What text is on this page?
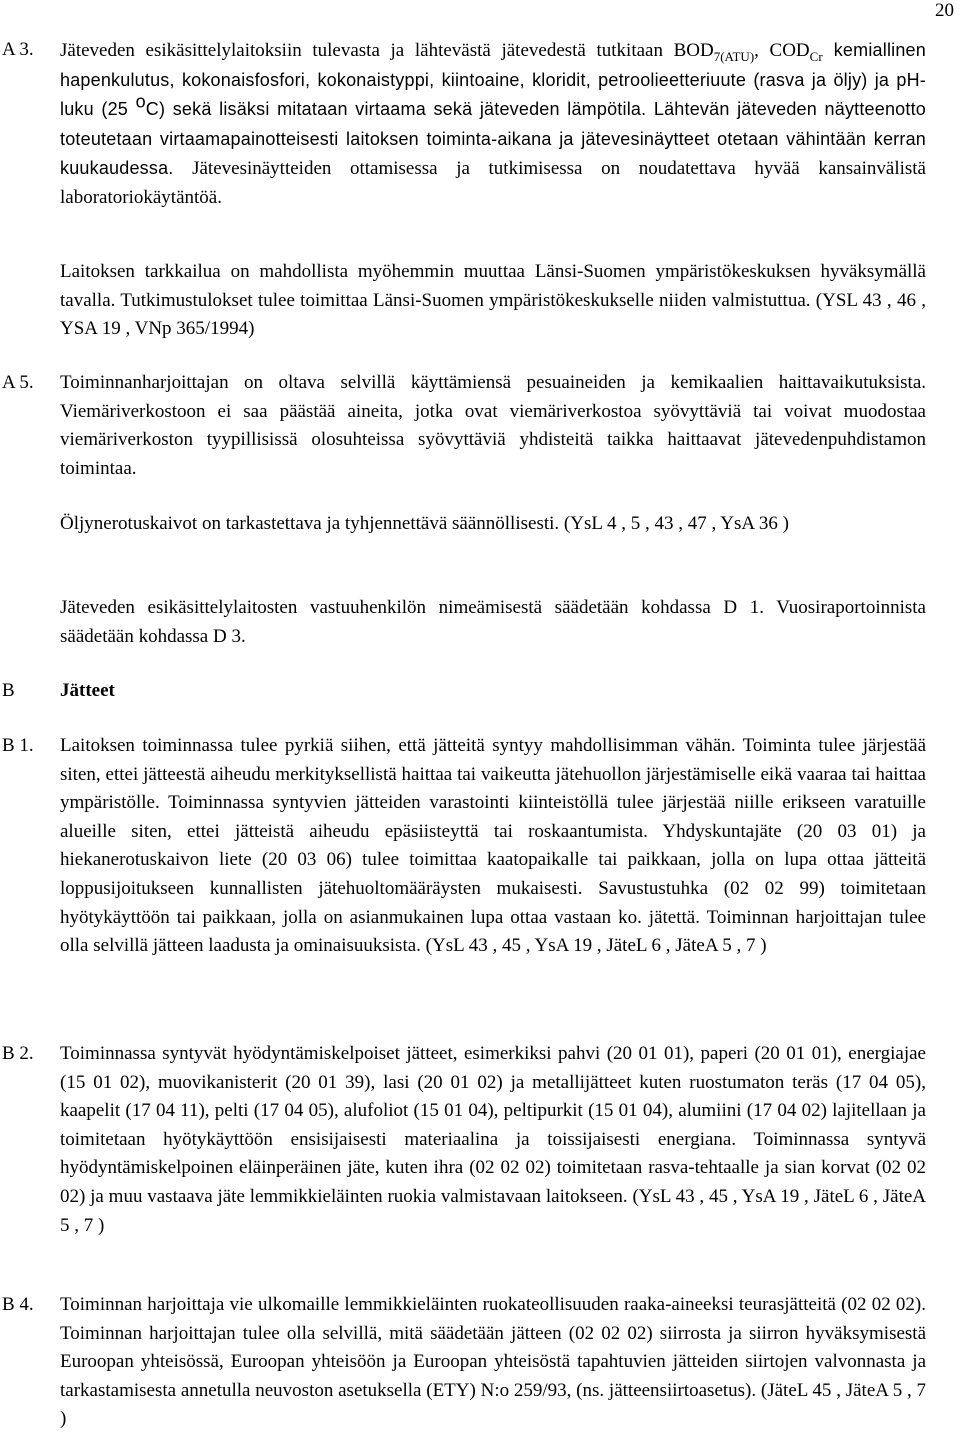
20
A 3. Jäteveden esikäsittelylaitoksiin tulevasta ja lähtevästä jätevedestä tutkitaan $BOD_{7(ATU)}$, $COD_{Cr}$ kemiallinen hapenkulutus, kokonaisfosfori, kokonaistyppi, kiintoaine, kloridit, petroolieetteriuute (rasva ja öljy) ja pH-luku (25 $^o$C) sekä lisäksi mitataan virtaama sekä jäteveden lämpötila. Lähtevän jäteveden näytteenotto toteutetaan virtaamapainotteisesti laitoksen toiminta-aikana ja jätevesinäytteet otetaan vähintään kerran kuukaudessa. Jätevesinäytteiden ottamisessa ja tutkimisessa on noudatettava hyvää kansainvälistä laboratoriokäytäntöä.
Laitoksen tarkkailua on mahdollista myöhemmin muuttaa Länsi-Suomen ympäristökeskuksen hyväksymällä tavalla. Tutkimustulokset tulee toimittaa Länsi-Suomen ympäristökeskukselle niiden valmistuttua. (YSL 43 , 46 , YSA 19 , VNp 365/1994)
A 5. Toiminnanharjoittajan on oltava selvillä käyttämiensä pesuaineiden ja kemikaalien haittavaikutuksista. Viemäriverkostoon ei saa päästää aineita, jotka ovat viemäriverkostoa syövyttäviä tai voivat muodostaa viemäriverkoston tyypillisissä olosuhteissa syövyttäviä yhdisteitä taikka haittaavat jätevedenpuhdistamon toimintaa.
Öljynerotuskaivot on tarkastettava ja tyhjennettävä säännöllisesti. (YsL 4 , 5 , 43 , 47 , YsA 36 )
Jäteveden esikäsittelylaitosten vastuuhenkilön nimeämisestä säädetään kohdassa D 1. Vuosiraportoinnista säädetään kohdassa D 3.
B Jätteet
B 1. Laitoksen toiminnassa tulee pyrkiä siihen, että jätteitä syntyy mahdollisimman vähän. Toiminta tulee järjestää siten, ettei jätteestä aiheudu merkityksellistä haittaa tai vaikeutta jätehuollon järjestämiselle eikä vaaraa tai haittaa ympäristölle. Toiminnassa syntyvien jätteiden varastointi kiinteistöllä tulee järjestää niille erikseen varatuille alueille siten, ettei jätteistä aiheudu epäsiisteyttä tai roskaantumista. Yhdyskuntajäte (20 03 01) ja hiekanerotuskaivon liete (20 03 06) tulee toimittaa kaatopaikalle tai paikkaan, jolla on lupa ottaa jätteitä loppusijoitukseen kunnallisten jätehuoltomääräysten mukaisesti. Savustustuhka (02 02 99) toimitetaan hyötykäyttöön tai paikkaan, jolla on asianmukainen lupa ottaa vastaan ko. jätettä. Toiminnan harjoittajan tulee olla selvillä jätteen laadusta ja ominaisuuksista. (YsL 43 , 45 , YsA 19 , JäteL 6 , JäteA 5 , 7 )
B 2. Toiminnassa syntyvät hyödyntämiskelpoiset jätteet, esimerkiksi pahvi (20 01 01), paperi (20 01 01), energiajae (15 01 02), muovikanisterit (20 01 39), lasi (20 01 02) ja metallijätteet kuten ruostumaton teräs (17 04 05), kaapelit (17 04 11), pelti (17 04 05), alufoliot (15 01 04), peltipurkit (15 01 04), alumiini (17 04 02) lajitellaan ja toimitetaan hyötykäyttöön ensisijaisesti materiaalina ja toissijaisesti energiana. Toiminnassa syntyvä hyödyntämiskelpoinen eläinperäinen jäte, kuten ihra (02 02 02) toimitetaan rasva-tehtaalle ja sian korvat (02 02 02) ja muu vastaava jäte lemmikkieläinten ruokia valmistavaan laitokseen. (YsL 43 , 45 , YsA 19 , JäteL 6 , JäteA 5 , 7 )
B 4. Toiminnan harjoittaja vie ulkomaille lemmikkieläinten ruokateollisuuden raaka-aineeksi teurasjätteitä (02 02 02). Toiminnan harjoittajan tulee olla selvillä, mitä säädetään jätteen (02 02 02) siirrosta ja siirron hyväksymisestä Euroopan yhteisössä, Euroopan yhteisöön ja Euroopan yhteisöstä tapahtuvien jätteiden siirtojen valvonnasta ja tarkastamisesta annetulla neuvoston asetuksella (ETY) N:o 259/93, (ns. jätteensiirtoasetus). (JäteL 45 , JäteA 5 , 7 )
